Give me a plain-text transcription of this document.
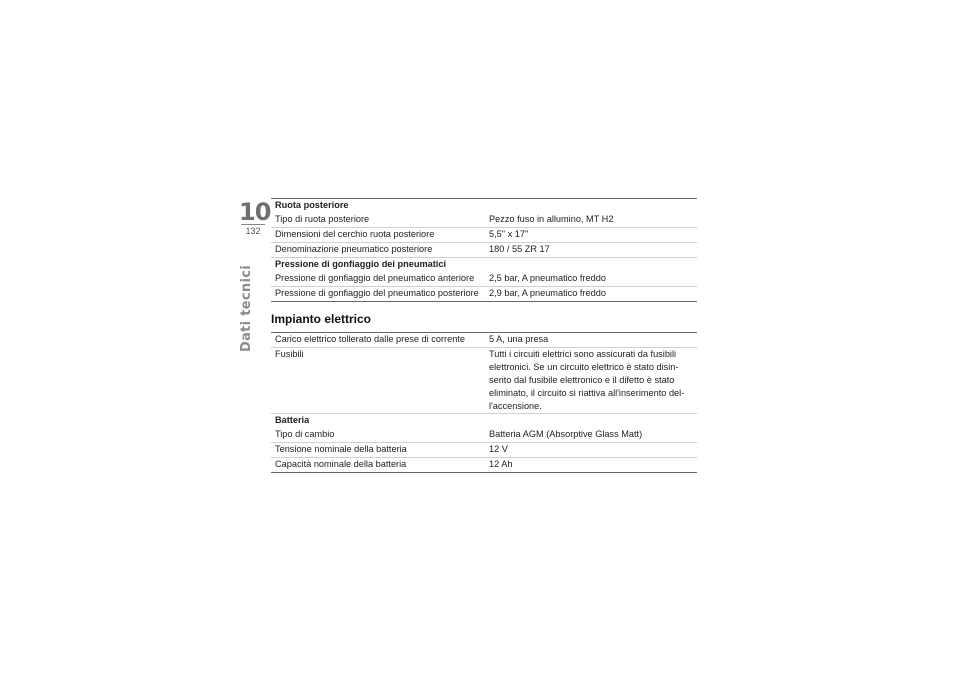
10
132
Dati tecnici
Ruota posteriore	
Tipo di ruota posteriore	Pezzo fuso in allumino, MT H2
Dimensioni del cerchio ruota posteriore	5,5" x 17"
Denominazione pneumatico posteriore	180 / 55 ZR 17
Pressione di gonfiaggio dei pneumatici	
Pressione di gonfiaggio del pneumatico anteriore	2,5 bar, A pneumatico freddo
Pressione di gonfiaggio del pneumatico posteriore	2,9 bar, A pneumatico freddo
Impianto elettrico
Carico elettrico tollerato dalle prese di corrente	5 A, una presa
Fusibili	Tutti i circuiti elettrici sono assicurati da fusibili elettronici. Se un circuito elettrico è stato disin-serito dal fusibile elettronico e il difetto è stato eliminato, il circuito si riattiva all'inserimento del-l'accensione.
Batteria	
Tipo di cambio	Batteria AGM (Absorptive Glass Matt)
Tensione nominale della batteria	12 V
Capacità nominale della batteria	12 Ah
